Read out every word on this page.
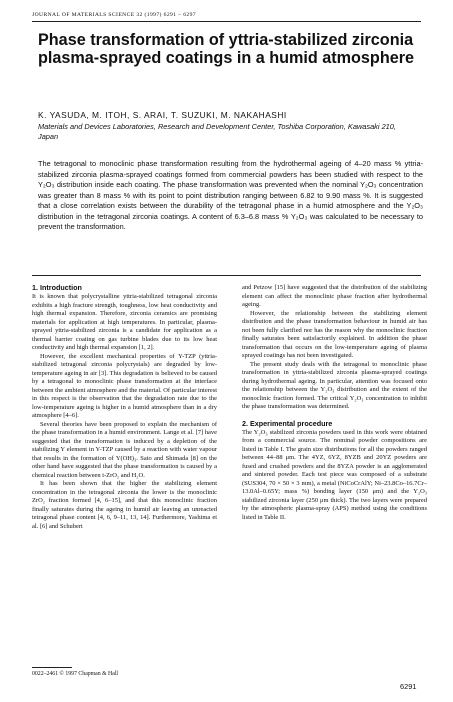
JOURNAL OF MATERIALS SCIENCE 32 (1997) 6291 – 6297
Phase transformation of yttria-stabilized zirconia plasma-sprayed coatings in a humid atmosphere
K. YASUDA, M. ITOH, S. ARAI, T. SUZUKI, M. NAKAHASHI
Materials and Devices Laboratories, Research and Development Center, Toshiba Corporation, Kawasaki 210, Japan

The tetragonal to monoclinic phase transformation resulting from the hydrothermal ageing of 4–20 mass % yttria-stabilized zirconia plasma-sprayed coatings formed from commercial powders has been studied with respect to the Y₂O₃ distribution inside each coating. The phase transformation was prevented when the nominal Y₂O₃ concentration was greater than 8 mass % with its point to point distribution ranging between 6.82 to 9.90 mass %. It is suggested that a close correlation exists between the durability of the tetragonal phase in a humid atmosphere and the Y₂O₃ distribution in the tetragonal zirconia coatings. A content of 6.3–6.8 mass % Y₂O₃ was calculated to be necessary to prevent the transformation.

1. Introduction

It is known that polycrystalline yttria-stabilized tetragonal zirconia exhibits a high fracture strength, toughness, low heat conductivity and high thermal expansion. Therefore, zirconia ceramics are promising materials for application at high temperatures. In particular, plasma-sprayed yttria-stabilized zirconia is a candidate for application as a thermal barrier coating on gas turbine blades due to its low heat conductivity and high thermal expansion [1, 2].

However, the excellent mechanical properties of Y-TZP (yttria-stabilized tetragonal zirconia polycrystals) are degraded by low-temperature ageing in air [3]. This degradation is believed to be caused by a tetragonal to monoclinic phase transformation at the interface between the ambient atmosphere and the material. Of particular interest in this respect is the observation that the degradation rate due to the low-temperature ageing is higher in a humid atmosphere than in a dry atmosphere [4–6].

Several theories have been proposed to explain the mechanism of the phase transformation in a humid environment. Lange et al. [7] have suggested that the transformation is induced by a depletion of the stabilizing Y element in Y-TZP caused by a reaction with water vapour that results in the formation of Y(OH)₃. Sato and Shimada [8] on the other hand have suggested that the phase transformation is caused by a chemical reaction between t-ZrO₂ and H₂O.

It has been shown that the higher the stabilizing element concentration in the tetragonal zirconia the lower is the monoclinic ZrO₂ fraction formed [4, 6–15], and that this monoclinic fraction finally saturates during the ageing in humid air leaving an unreacted tetragonal phase content [4, 6, 9–11, 13, 14]. Furthermore, Yashima et al. [6] and Schubert

and Petzow [15] have suggested that the distribution of the stabilizing element can affect the monoclinic phase fraction after hydrothermal ageing.

However, the relationship between the stabilizing element distribution and the phase transformation behaviour in humid air has not been fully clarified nor has the reason why the monoclinic fraction finally saturates been satisfactorily explained. In addition the phase transformation that occurs on the low-temperature ageing of plasma sprayed coatings has not been investigated.

The present study deals with the tetragonal to monoclinic phase transformation in yttria-stabilized zirconia plasma-sprayed coatings during hydrothermal ageing. In particular, attention was focused onto the relationship between the Y₂O₃ distribution and the extent of the monoclinic fraction formed. The critical Y₂O₃ concentration to inhibit the phase transformation was determined.

2. Experimental procedure

The Y₂O₃ stabilized zirconia powders used in this work were obtained from a commercial source. The nominal powder compositions are listed in Table I. The grain size distributions for all the powders ranged between 44–88 μm. The 4YZ, 6YZ, 8YZB and 20YZ powders are fused and crushed powders and the 8YZA powder is an agglomerated and sintered powder. Each test piece was composed of a substrate (SUS304, 70 × 50 × 3 mm), a metal (NiCoCrAlY; Ni–23.8Co–16.7Cr–13.0Al–0.65Y; mass %) bonding layer (150 μm) and the Y₂O₃ stabilized zirconia layer (250 μm thick). The two layers were prepared by the atmospheric plasma-spray (APS) method using the conditions listed in Table II.

0022–2461 © 1997 Chapman & Hall
6291
